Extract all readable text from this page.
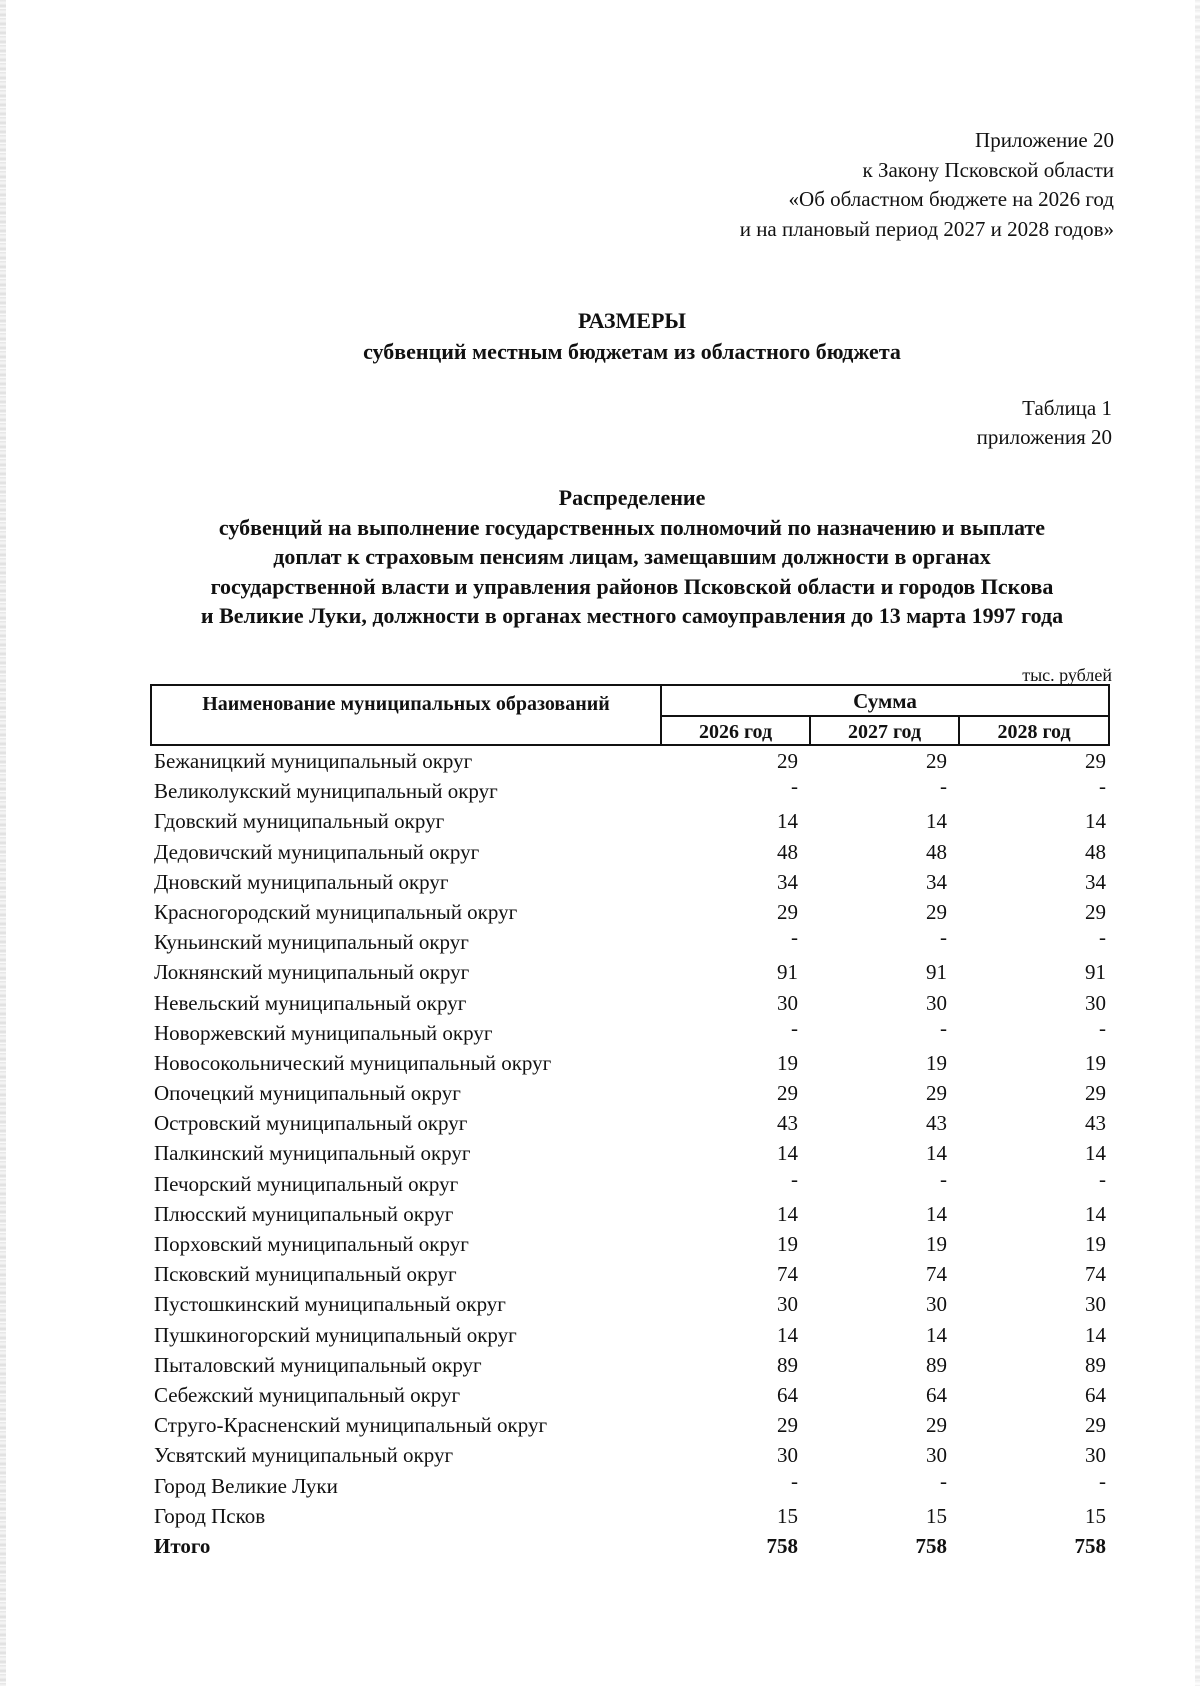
Приложение 20
к Закону Псковской области
«Об областном бюджете на 2026 год
и на плановый период 2027 и 2028 годов»
РАЗМЕРЫ
субвенций местным бюджетам из областного бюджета
Таблица 1
приложения 20
Распределение
субвенций на выполнение государственных полномочий по назначению и выплате
доплат к страховым пенсиям лицам, замещавшим должности в органах
государственной власти и управления районов Псковской области и городов Пскова
и Великие Луки, должности в органах местного самоуправления до 13 марта 1997 года
тыс. рублей
Наименование муниципальных образований	Сумма
2026 год	2027 год	2028 год
Бежаницкий муниципальный округ	29	29	29
Великолукский муниципальный округ	-	-	-
Гдовский муниципальный округ	14	14	14
Дедовичский муниципальный округ	48	48	48
Дновский муниципальный округ	34	34	34
Красногородский муниципальный округ	29	29	29
Куньинский муниципальный округ	-	-	-
Локнянский муниципальный округ	91	91	91
Невельский муниципальный округ	30	30	30
Новоржевский муниципальный округ	-	-	-
Новосокольнический муниципальный округ	19	19	19
Опочецкий муниципальный округ	29	29	29
Островский муниципальный округ	43	43	43
Палкинский муниципальный округ	14	14	14
Печорский муниципальный округ	-	-	-
Плюсский муниципальный округ	14	14	14
Порховский муниципальный округ	19	19	19
Псковский муниципальный округ	74	74	74
Пустошкинский муниципальный округ	30	30	30
Пушкиногорский муниципальный округ	14	14	14
Пыталовский муниципальный округ	89	89	89
Себежский муниципальный округ	64	64	64
Струго-Красненский муниципальный округ	29	29	29
Усвятский муниципальный округ	30	30	30
Город Великие Луки	-	-	-
Город Псков	15	15	15
Итого	758	758	758
